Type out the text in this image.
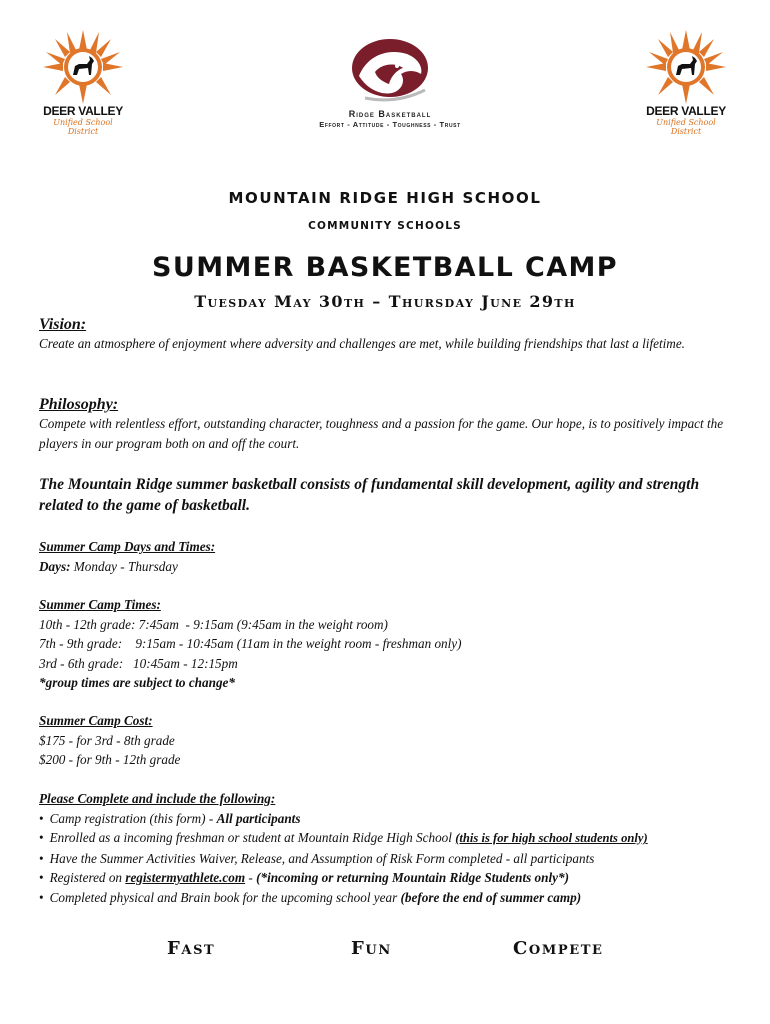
DEER VALLEY
Unified School District
Ridge Basketball
Effort - Attitude - Toughness - Trust
DEER VALLEY
Unified School District
MOUNTAIN RIDGE HIGH SCHOOL
COMMUNITY SCHOOLS
SUMMER BASKETBALL CAMP
Tuesday May 30th – Thursday June 29th
Vision:
Create an atmosphere of enjoyment where adversity and challenges are met, while building friendships that last a lifetime.
Philosophy:
Compete with relentless effort, outstanding character, toughness and a passion for the game. Our hope, is to positively impact the players in our program both on and off the court.
The Mountain Ridge summer basketball consists of fundamental skill development, agility and strength related to the game of basketball.
Summer Camp Days and Times:
Days: Monday - Thursday
Summer Camp Times:
10th - 12th grade: 7:45am  - 9:15am (9:45am in the weight room)
7th - 9th grade:    9:15am - 10:45am (11am in the weight room - freshman only)
3rd - 6th grade:   10:45am - 12:15pm
*group times are subject to change*
Summer Camp Cost:
$175 - for 3rd - 8th grade
$200 - for 9th - 12th grade
Please Complete and include the following:
• Camp registration (this form) - All participants
• Enrolled as a incoming freshman or student at Mountain Ridge High School (this is for high school students only)
• Have the Summer Activities Waiver, Release, and Assumption of Risk Form completed - all participants
• Registered on registermyathlete.com - (*incoming or returning Mountain Ridge Students only*)
• Completed physical and Brain book for the upcoming school year (before the end of summer camp)
Fast	Fun	Compete
